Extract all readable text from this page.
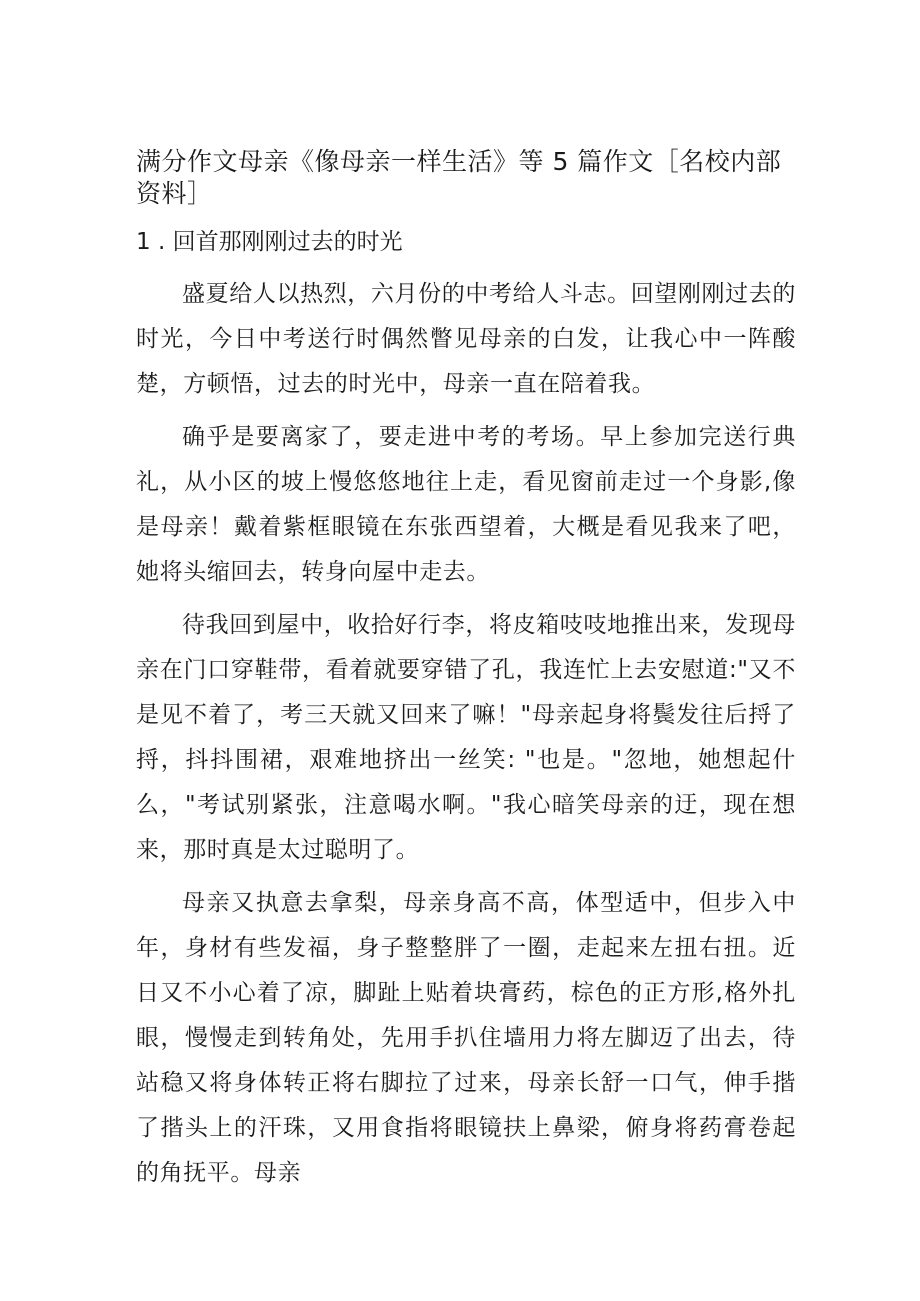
满分作文母亲《像母亲一样生活》等 5 篇作文［名校内部资料］
1 . 回首那刚刚过去的时光

盛夏给人以热烈，六月份的中考给人斗志。回望刚刚过去的时光，今日中考送行时偶然瞥见母亲的白发，让我心中一阵酸楚，方顿悟，过去的时光中，母亲一直在陪着我。

确乎是要离家了，要走进中考的考场。早上参加完送行典礼，从小区的坡上慢悠悠地往上走，看见窗前走过一个身影,像是母亲！戴着紫框眼镜在东张西望着，大概是看见我来了吧，她将头缩回去，转身向屋中走去。

待我回到屋中，收拾好行李，将皮箱吱吱地推出来，发现母亲在门口穿鞋带，看着就要穿错了孔，我连忙上去安慰道:"又不是见不着了，考三天就又回来了嘛！"母亲起身将鬓发往后捋了捋，抖抖围裙，艰难地挤出一丝笑: "也是。"忽地，她想起什么，"考试别紧张，注意喝水啊。"我心暗笑母亲的迂，现在想来，那时真是太过聪明了。

母亲又执意去拿梨，母亲身高不高，体型适中，但步入中年，身材有些发福，身子整整胖了一圈，走起来左扭右扭。近日又不小心着了凉，脚趾上贴着块膏药，棕色的正方形,格外扎眼，慢慢走到转角处，先用手扒住墙用力将左脚迈了出去，待站稳又将身体转正将右脚拉了过来，母亲长舒一口气，伸手揩了揩头上的汗珠，又用食指将眼镜扶上鼻梁，俯身将药膏卷起的角抚平。母亲
